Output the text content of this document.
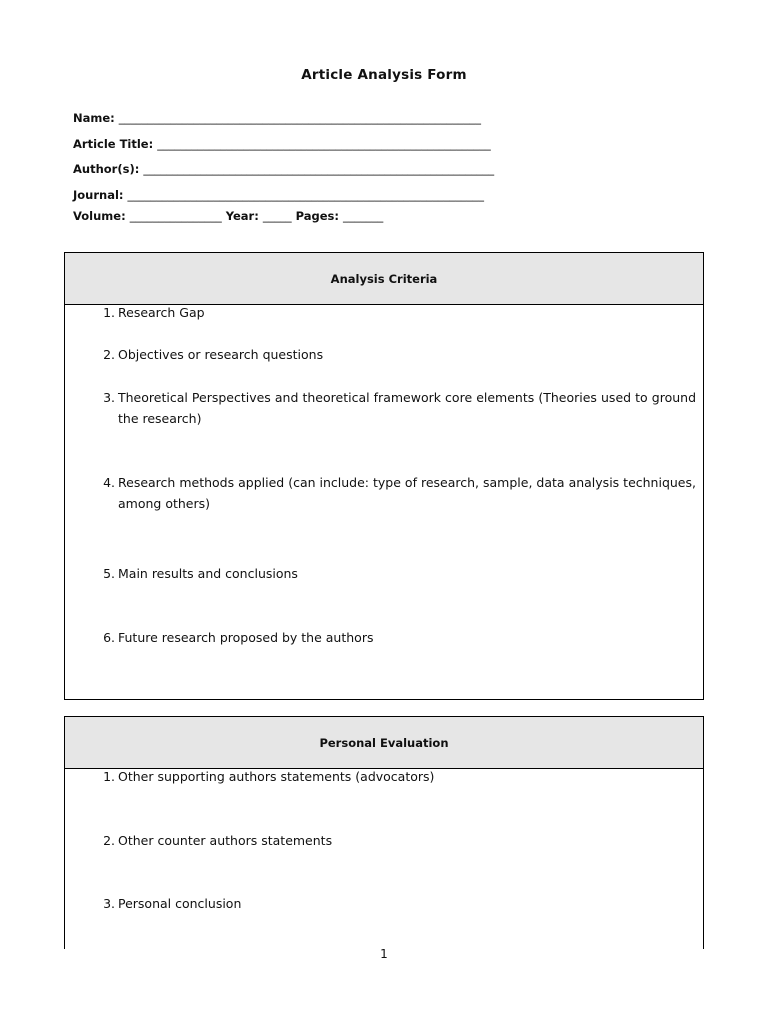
Article Analysis Form
Name: _______________________________________________________________
Article Title: __________________________________________________________
Author(s): _____________________________________________________________
Journal: ______________________________________________________________
Volume: ________________ Year: _____ Pages: _______
Analysis Criteria
1. Research Gap
2. Objectives or research questions
3. Theoretical Perspectives and theoretical framework core elements (Theories used to ground the research)
4. Research methods applied (can include: type of research, sample, data analysis techniques, among others)
5. Main results and conclusions
6. Future research proposed by the authors
Personal Evaluation
1. Other supporting authors statements (advocators)
2. Other counter authors statements
3. Personal conclusion
1
